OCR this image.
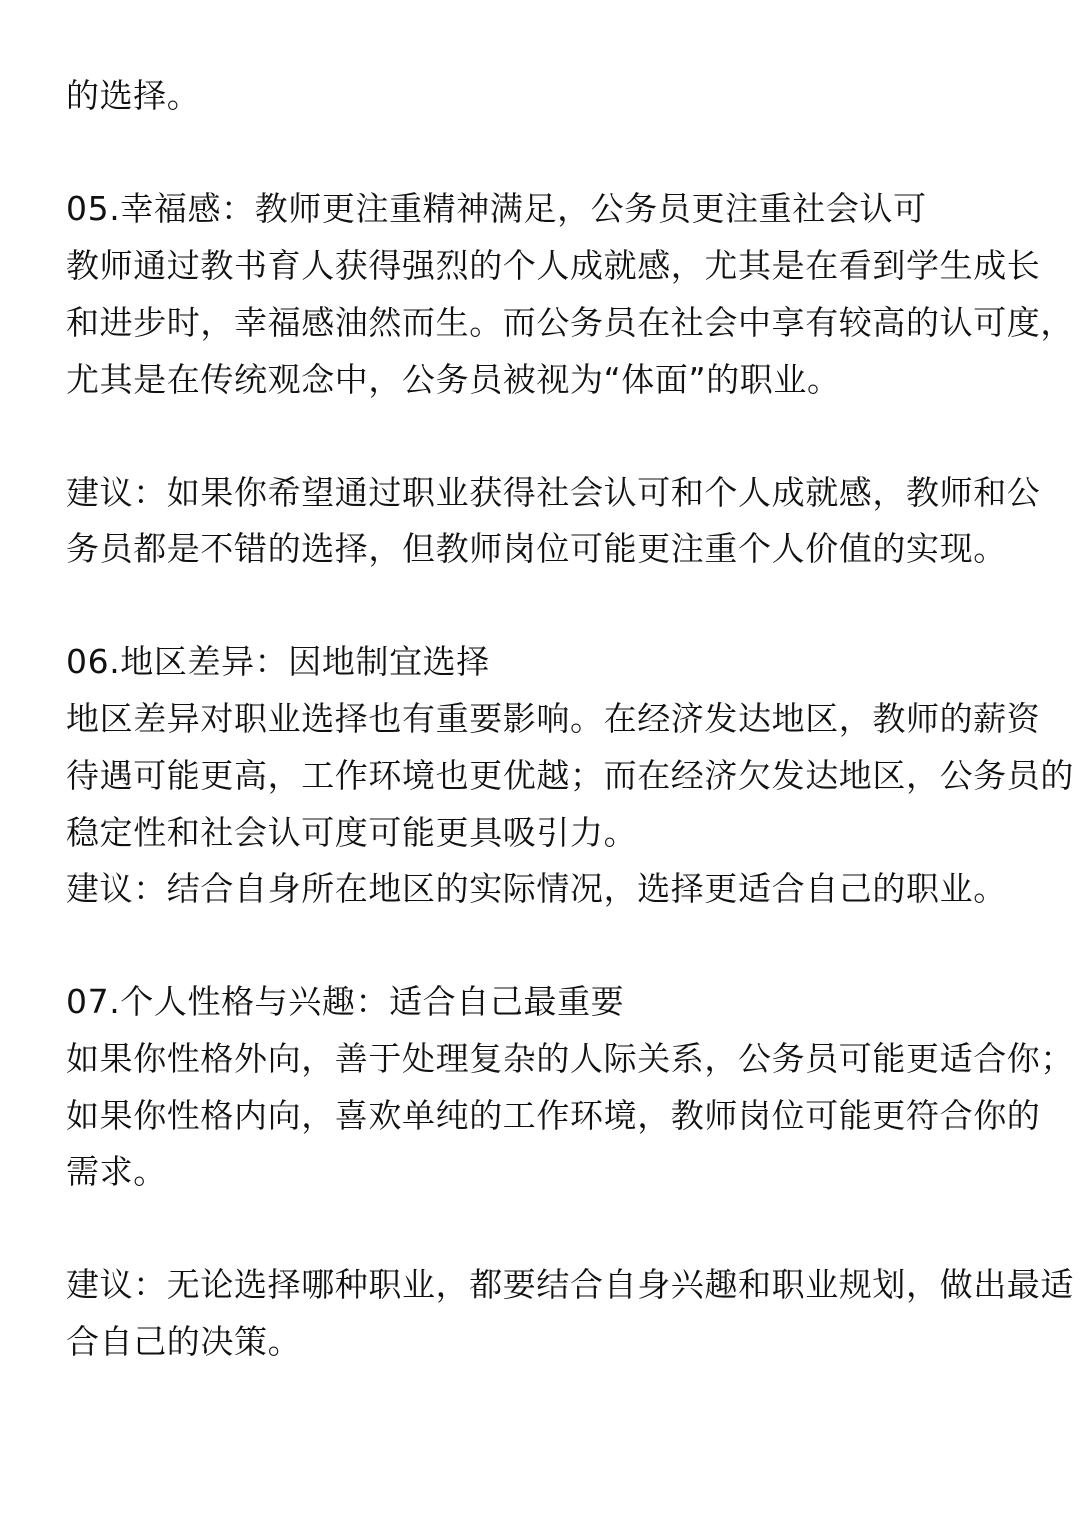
的选择。
05.幸福感：教师更注重精神满足，公务员更注重社会认可
教师通过教书育人获得强烈的个人成就感，尤其是在看到学生成长
和进步时，幸福感油然而生。而公务员在社会中享有较高的认可度，
尤其是在传统观念中，公务员被视为“体面”的职业。
建议：如果你希望通过职业获得社会认可和个人成就感，教师和公
务员都是不错的选择，但教师岗位可能更注重个人价值的实现。
06.地区差异：因地制宜选择
地区差异对职业选择也有重要影响。在经济发达地区，教师的薪资
待遇可能更高，工作环境也更优越；而在经济欠发达地区，公务员的
稳定性和社会认可度可能更具吸引力。
建议：结合自身所在地区的实际情况，选择更适合自己的职业。
07.个人性格与兴趣：适合自己最重要
如果你性格外向，善于处理复杂的人际关系，公务员可能更适合你；
如果你性格内向，喜欢单纯的工作环境，教师岗位可能更符合你的
需求。
建议：无论选择哪种职业，都要结合自身兴趣和职业规划，做出最适
合自己的决策。
